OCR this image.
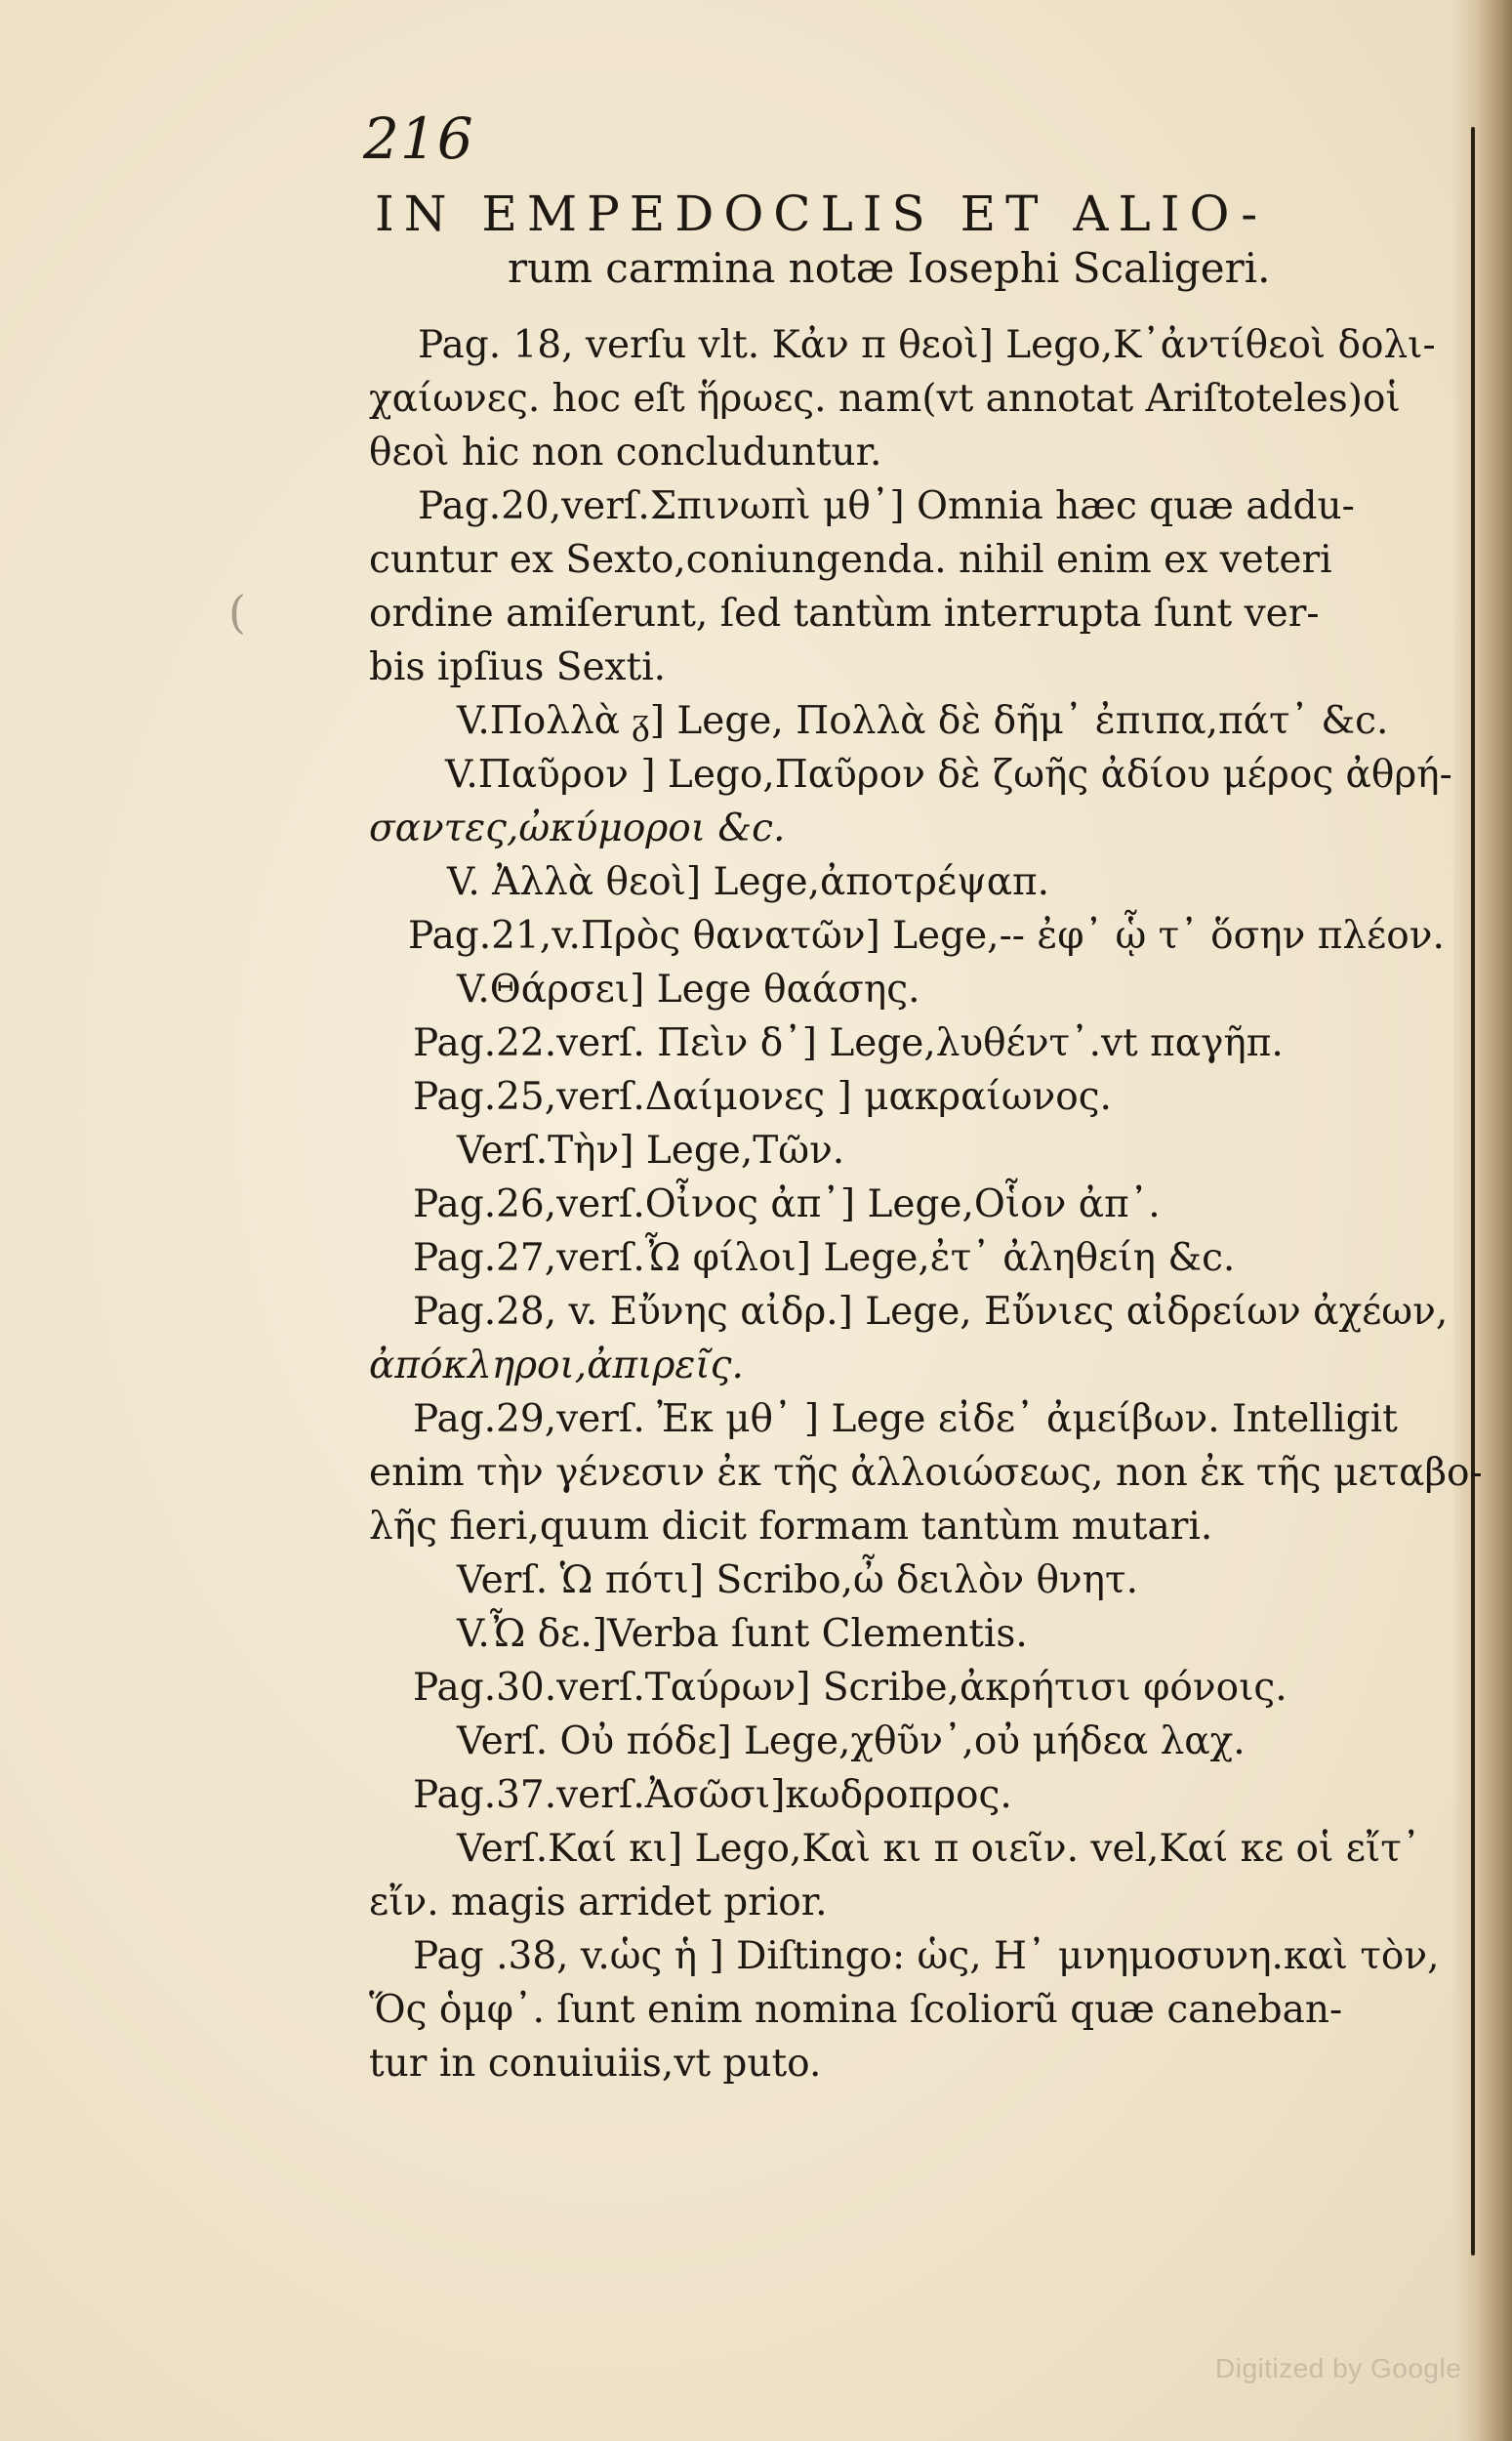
(
216
IN EMPEDOCLIS ET ALIO-
rum carmina notæ Iosephi Scaligeri.
Pag. 18, verſu vlt. Κἀν π θεοὶ] Lego,Κ᾽ἀντίθεοὶ δολι-
χαίωνες. hoc eſt ἥρωες. nam(vt annotat Ariſtoteles)οἱ
θεοὶ hic non concluduntur.
Pag.20,verſ.Σπινωπὶ μθ᾽] Omnia hæc quæ addu-
cuntur ex Sexto,coniungenda. nihil enim ex veteri
ordine amiſerunt, ſed tantùm interrupta ſunt ver-
bis ipſius Sexti.
V.Πολλὰ ᵹ] Lege, Πολλὰ δὲ δῆμ᾽ ἐπιπα,πάτ᾽ &c.
V.Παῦρον ] Lego,Παῦρον δὲ ζωῆς ἀδίου μέρος ἀθρή-
σαντες,ὠκύμοροι &c.
V. Ἀλλὰ θεοὶ] Lege,ἀποτρέψαπ.
Pag.21,v.Πρὸς θανατῶν] Lege,-- ἐφ᾽ ᾧ τ᾽ ὅσην πλέον.
V.Θάρσει] Lege θαάσης.
Pag.22.verſ. Πεὶν δ᾽] Lege,λυθέντ᾽.vt παγῆπ.
Pag.25,verſ.Δαίμονες ] μακραίωνος.
Verſ.Τὴν] Lege,Τῶν.
Pag.26,verſ.Οἶνος ἀπ᾽] Lege,Οἷον ἀπ᾽.
Pag.27,verſ.Ὦ φίλοι] Lege,ἐτ᾽ ἀληθείη &c.
Pag.28, v. Εὔνης αἰδρ.] Lege, Εὔνιες αἰδρείων ἀχέων,
ἀπόκληροι,ἀπιρεῖς.
Pag.29,verſ. Ἐκ μθ᾽ ] Lege εἰδε᾽ ἀμείβων. Intelligit
enim τὴν γένεσιν ἐκ τῆς ἀλλοιώσεως, non ἐκ τῆς μεταβο-
λῆς fieri,quum dicit formam tantùm mutari.
Verſ. Ὡ πότι] Scribo,ὦ δειλὸν θνητ.
V.Ὦ δε.]Verba ſunt Clementis.
Pag.30.verſ.Ταύρων] Scribe,ἀκρήτισι φόνοις.
Verſ. Οὐ πόδε] Lege,χθῦν᾽,οὐ μήδεα λαχ.
Pag.37.verſ.Ἀσῶσι]κωδροπρος.
Verſ.Καί κι] Lego,Καὶ κι π οιεῖν. vel,Καί κε οἱ εἴτ᾽
εἴν. magis arridet prior.
Pag .38, v.ὡς ἡ ] Diſtingo: ὡς, Η᾽ μνημοσυνη.καὶ τὸν,
Ὅς ὁμφ᾽. ſunt enim nomina ſcoliorũ quæ caneban-
tur in conuiuiis,vt puto.
Digitized by Google
